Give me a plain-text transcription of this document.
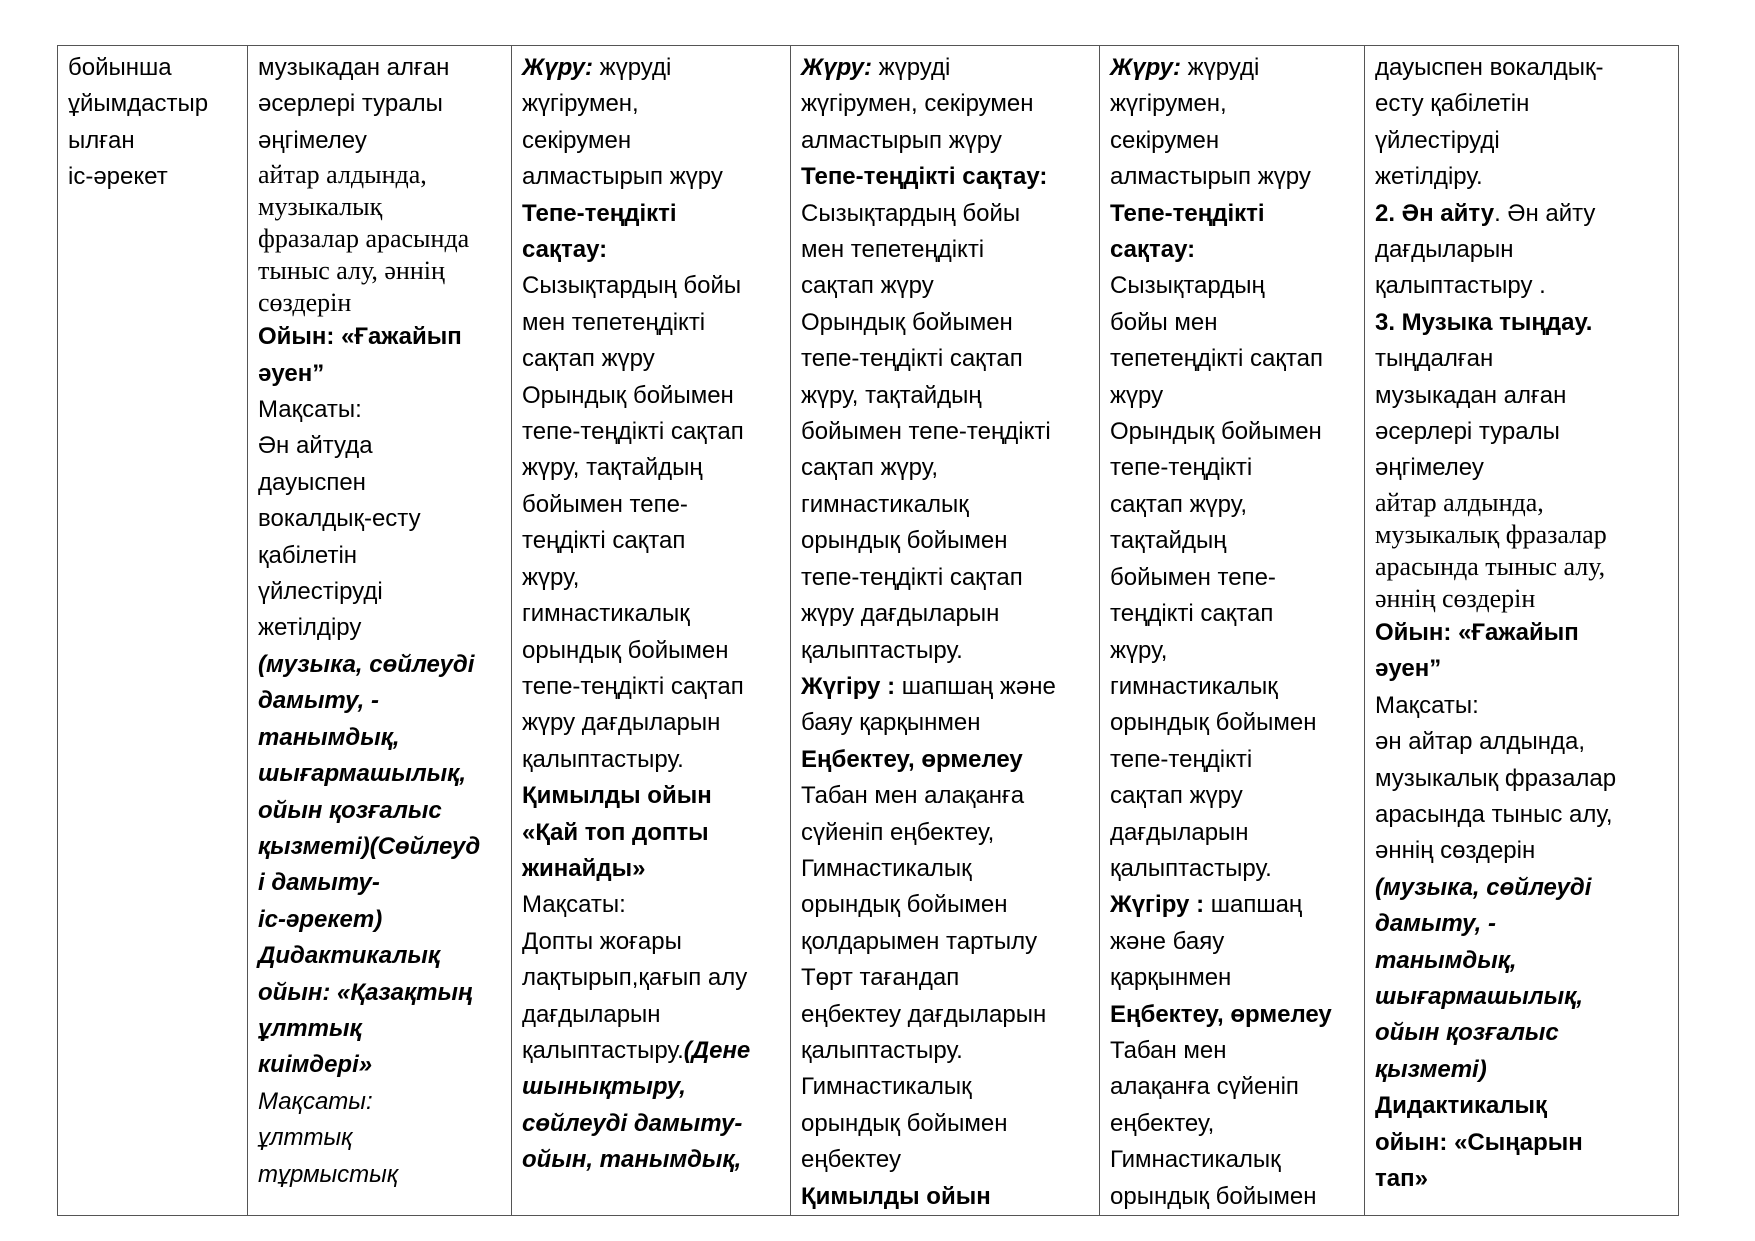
бойынша
ұйымдастыр
ылған
іс-әрекет

музыкадан алған
әсерлері туралы
әңгімелеу
айтар алдында,
музыкалық
фразалар арасында
тыныс алу, әннің
сөздерін
Ойын: «Ғажайып
әуен”
Мақсаты:
Ән айтуда
дауыспен
вокалдық-есту
қабілетін
үйлестіруді
жетілдіру
(музыка, сөйлеуді
дамыту, -
танымдық,
шығармашылық,
ойын қозғалыс
қызметі)(Сөйлеуд
і дамыту-
іс-әрекет)
Дидактикалық
ойын: «Қазақтың
ұлттық
киімдері»
Мақсаты:
ұлттық
тұрмыстық

Жүру: жүруді
жүгірумен,
секірумен
алмастырып жүру
Тепе-теңдікті
сақтау:
Сызықтардың бойы
мен тепетеңдікті
сақтап жүру
Орындық бойымен
тепе-теңдікті сақтап
жүру, тақтайдың
бойымен тепе-
теңдікті сақтап
жүру,
гимнастикалық
орындық бойымен
тепе-теңдікті сақтап
жүру дағдыларын
қалыптастыру.
Қимылды ойын
«Қай топ допты
жинайды»
Мақсаты:
Допты жоғары
лақтырып,қағып алу
дағдыларын
қалыптастыру.(Дене
шынықтыру,
сөйлеуді дамыту-
ойын, танымдық,

Жүру: жүруді
жүгірумен, секірумен
алмастырып жүру
Тепе-теңдікті сақтау:
Сызықтардың бойы
мен тепетеңдікті
сақтап жүру
Орындық бойымен
тепе-теңдікті сақтап
жүру, тақтайдың
бойымен тепе-теңдікті
сақтап жүру,
гимнастикалық
орындық бойымен
тепе-теңдікті сақтап
жүру дағдыларын
қалыптастыру.
Жүгіру : шапшаң және
баяу қарқынмен
Еңбектеу, өрмелеу
Табан мен алақанға
сүйеніп еңбектеу,
Гимнастикалық
орындық бойымен
қолдарымен тартылу
Төрт тағандап
еңбектеу дағдыларын
қалыптастыру.
Гимнастикалық
орындық бойымен
еңбектеу
Қимылды ойын

Жүру: жүруді
жүгірумен,
секірумен
алмастырып жүру
Тепе-теңдікті
сақтау:
Сызықтардың
бойы мен
тепетеңдікті сақтап
жүру
Орындық бойымен
тепе-теңдікті
сақтап жүру,
тақтайдың
бойымен тепе-
теңдікті сақтап
жүру,
гимнастикалық
орындық бойымен
тепе-теңдікті
сақтап жүру
дағдыларын
қалыптастыру.
Жүгіру : шапшаң
және баяу
қарқынмен
Еңбектеу, өрмелеу
Табан мен
алақанға сүйеніп
еңбектеу,
Гимнастикалық
орындық бойымен

дауыспен вокалдық-
есту қабілетін
үйлестіруді
жетілдіру.
2. Ән айту. Ән айту
дағдыларын
қалыптастыру .
3. Музыка тыңдау.
тыңдалған
музыкадан алған
әсерлері туралы
әңгімелеу
айтар алдында,
музыкалық фразалар
арасында тыныс алу,
әннің сөздерін
Ойын: «Ғажайып
әуен”
Мақсаты:
ән айтар алдында,
музыкалық фразалар
арасында тыныс алу,
әннің сөздерін
(музыка, сөйлеуді
дамыту, -
танымдық,
шығармашылық,
ойын қозғалыс
қызметі)
Дидактикалық
ойын: «Сыңарын
тап»
